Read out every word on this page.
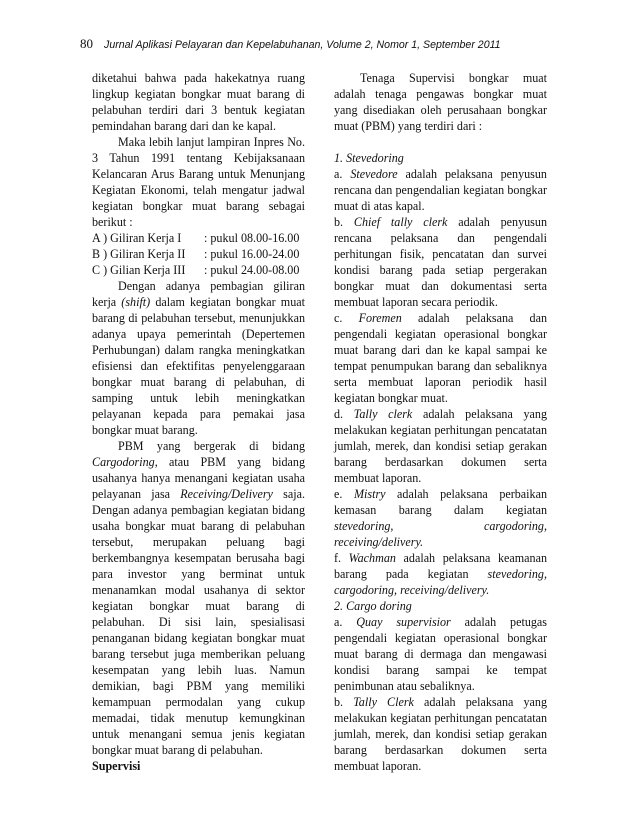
80 Jurnal Aplikasi Pelayaran dan Kepelabuhanan, Volume 2, Nomor 1, September 2011

diketahui bahwa pada hakekatnya ruang lingkup kegiatan bongkar muat barang di pelabuhan terdiri dari 3 bentuk kegiatan pemindahan barang dari dan ke kapal.

Maka lebih lanjut lampiran Inpres No. 3 Tahun 1991 tentang Kebijaksanaan Kelancaran Arus Barang untuk Menunjang Kegiatan Ekonomi, telah mengatur jadwal kegiatan bongkar muat barang sebagai berikut :

A ) Giliran Kerja I : pukul 08.00-16.00

B ) Giliran Kerja II : pukul 16.00-24.00

C ) Gilian Kerja III : pukul 24.00-08.00

Dengan adanya pembagian giliran kerja (shift) dalam kegiatan bongkar muat barang di pelabuhan tersebut, menunjukkan adanya upaya pemerintah (Depertemen Perhubungan) dalam rangka meningkatkan efisiensi dan efektifitas penyelenggaraan bongkar muat barang di pelabuhan, di samping untuk lebih meningkatkan pelayanan kepada para pemakai jasa bongkar muat barang.

PBM yang bergerak di bidang Cargodoring, atau PBM yang bidang usahanya hanya menangani kegiatan usaha pelayanan jasa Receiving/Delivery saja. Dengan adanya pembagian kegiatan bidang usaha bongkar muat barang di pelabuhan tersebut, merupakan peluang bagi berkembangnya kesempatan berusaha bagi para investor yang berminat untuk menanamkan modal usahanya di sektor kegiatan bongkar muat barang di pelabuhan. Di sisi lain, spesialisasi penanganan bidang kegiatan bongkar muat barang tersebut juga memberikan peluang kesempatan yang lebih luas. Namun demikian, bagi PBM yang memiliki kemampuan permodalan yang cukup memadai, tidak menutup kemungkinan untuk menangani semua jenis kegiatan bongkar muat barang di pelabuhan.

Supervisi

Tenaga Supervisi bongkar muat adalah tenaga pengawas bongkar muat yang disediakan oleh perusahaan bongkar muat (PBM) yang terdiri dari :

1. Stevedoring

a. Stevedore adalah pelaksana penyusun rencana dan pengendalian kegiatan bongkar muat di atas kapal.

b. Chief tally clerk adalah penyusun rencana pelaksana dan pengendali perhitungan fisik, pencatatan dan survei kondisi barang pada setiap pergerakan bongkar muat dan dokumentasi serta membuat laporan secara periodik.

c. Foremen adalah pelaksana dan pengendali kegiatan operasional bongkar muat barang dari dan ke kapal sampai ke tempat penumpukan barang dan sebaliknya serta membuat laporan periodik hasil kegiatan bongkar muat.

d. Tally clerk adalah pelaksana yang melakukan kegiatan perhitungan pencatatan jumlah, merek, dan kondisi setiap gerakan barang berdasarkan dokumen serta membuat laporan.

e. Mistry adalah pelaksana perbaikan kemasan barang dalam kegiatan stevedoring, cargodoring, receiving/delivery.

f. Wachman adalah pelaksana keamanan barang pada kegiatan stevedoring, cargodoring, receiving/delivery.

2. Cargo doring

a. Quay supervisior adalah petugas pengendali kegiatan operasional bongkar muat barang di dermaga dan mengawasi kondisi barang sampai ke tempat penimbunan atau sebaliknya.

b. Tally Clerk adalah pelaksana yang melakukan kegiatan perhitungan pencatatan jumlah, merek, dan kondisi setiap gerakan barang berdasarkan dokumen serta membuat laporan.
